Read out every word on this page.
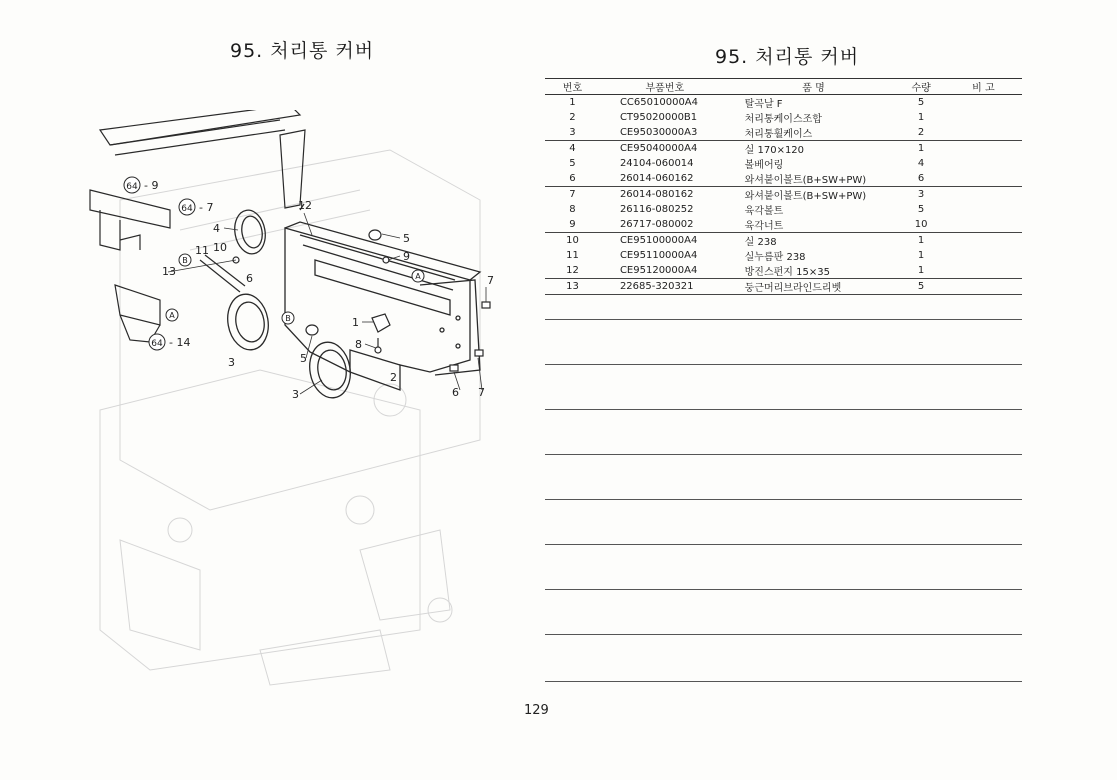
95. 처리통 커버
64
64
64
B
B
A
A
- 9
- 7
- 14
12
4
5
9
11 10
13
6	7
1
8
3	5
2
3	6 7
95. 처리통 커버
번호	부품번호	품 명	수량	비 고
1	CC65010000A4	탈곡날 F	5	
2	CT95020000B1	처리통케이스조합	1	
3	CE95030000A3	처리통휠케이스	2	
4	CE95040000A4	실 170×120	1	
5	24104-060014	볼베어링	4	
6	26014-060162	와셔붙이볼트(B+SW+PW)	6	
7	26014-080162	와셔붙이볼트(B+SW+PW)	3	
8	26116-080252	육각볼트	5	
9	26717-080002	육각너트	10	
10	CE95100000A4	실 238	1	
11	CE95110000A4	실누름판 238	1	
12	CE95120000A4	방진스펀지 15×35	1	
13	22685-320321	둥근머리브라인드리벳	5	
129
